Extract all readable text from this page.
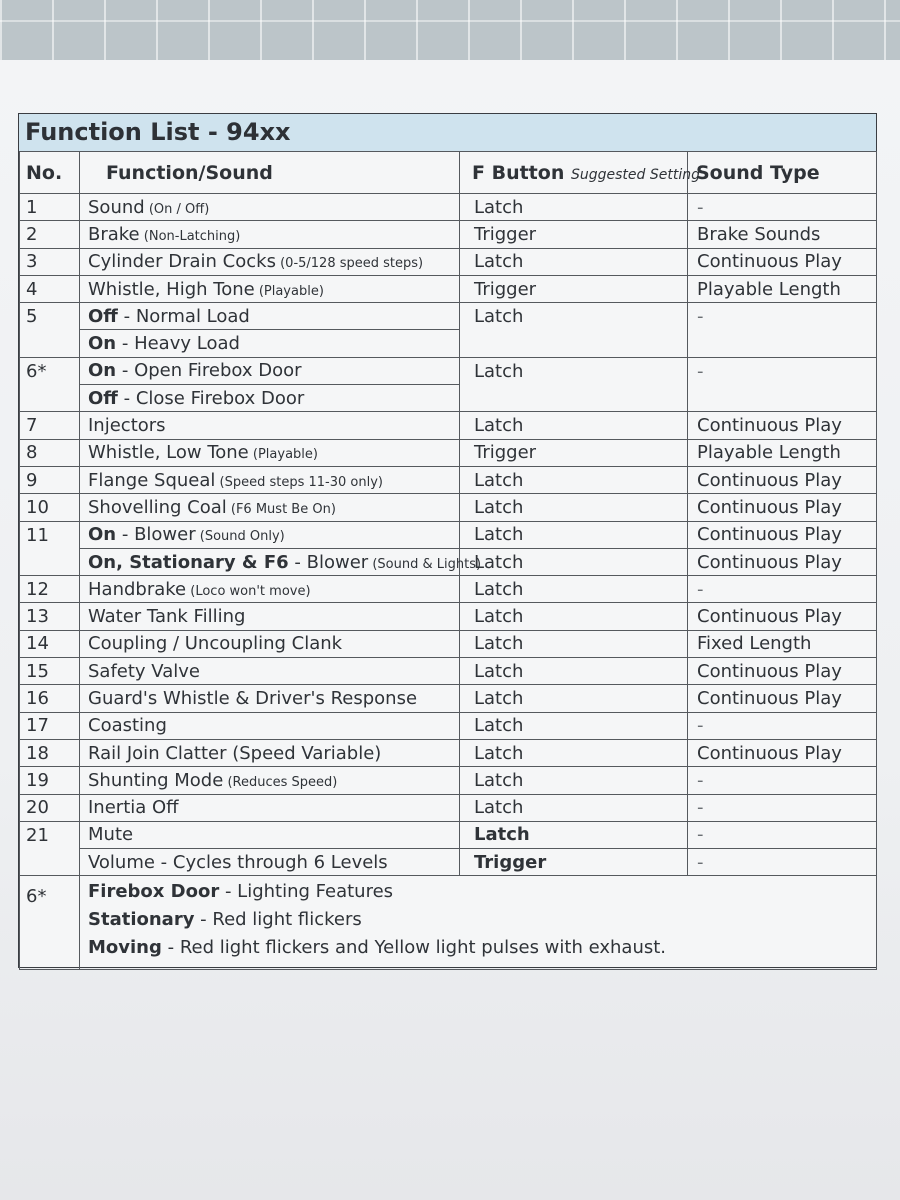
Function List - 94xx
No.	Function/Sound	F Button Suggested Setting	Sound Type
1	Sound (On / Off)	Latch	-
2	Brake (Non-Latching)	Trigger	Brake Sounds
3	Cylinder Drain Cocks (0-5/128 speed steps)	Latch	Continuous Play
4	Whistle, High Tone (Playable)	Trigger	Playable Length
5	Off - Normal Load	Latch	-
	On - Heavy Load		
6*	On - Open Firebox Door	Latch	-
	Off - Close Firebox Door		
7	Injectors	Latch	Continuous Play
8	Whistle, Low Tone (Playable)	Trigger	Playable Length
9	Flange Squeal (Speed steps 11-30 only)	Latch	Continuous Play
10	Shovelling Coal (F6 Must Be On)	Latch	Continuous Play
11	On - Blower (Sound Only)	Latch	Continuous Play
	On, Stationary & F6 - Blower (Sound & Lights)	Latch	Continuous Play
12	Handbrake (Loco won't move)	Latch	-
13	Water Tank Filling	Latch	Continuous Play
14	Coupling / Uncoupling Clank	Latch	Fixed Length
15	Safety Valve	Latch	Continuous Play
16	Guard's Whistle & Driver's Response	Latch	Continuous Play
17	Coasting	Latch	-
18	Rail Join Clatter (Speed Variable)	Latch	Continuous Play
19	Shunting Mode (Reduces Speed)	Latch	-
20	Inertia Off	Latch	-
21	Mute	Latch	-
	Volume - Cycles through 6 Levels	Trigger	-
6*	Firebox Door - Lighting Features
Stationary - Red light flickers
Moving - Red light flickers and Yellow light pulses with exhaust.		
